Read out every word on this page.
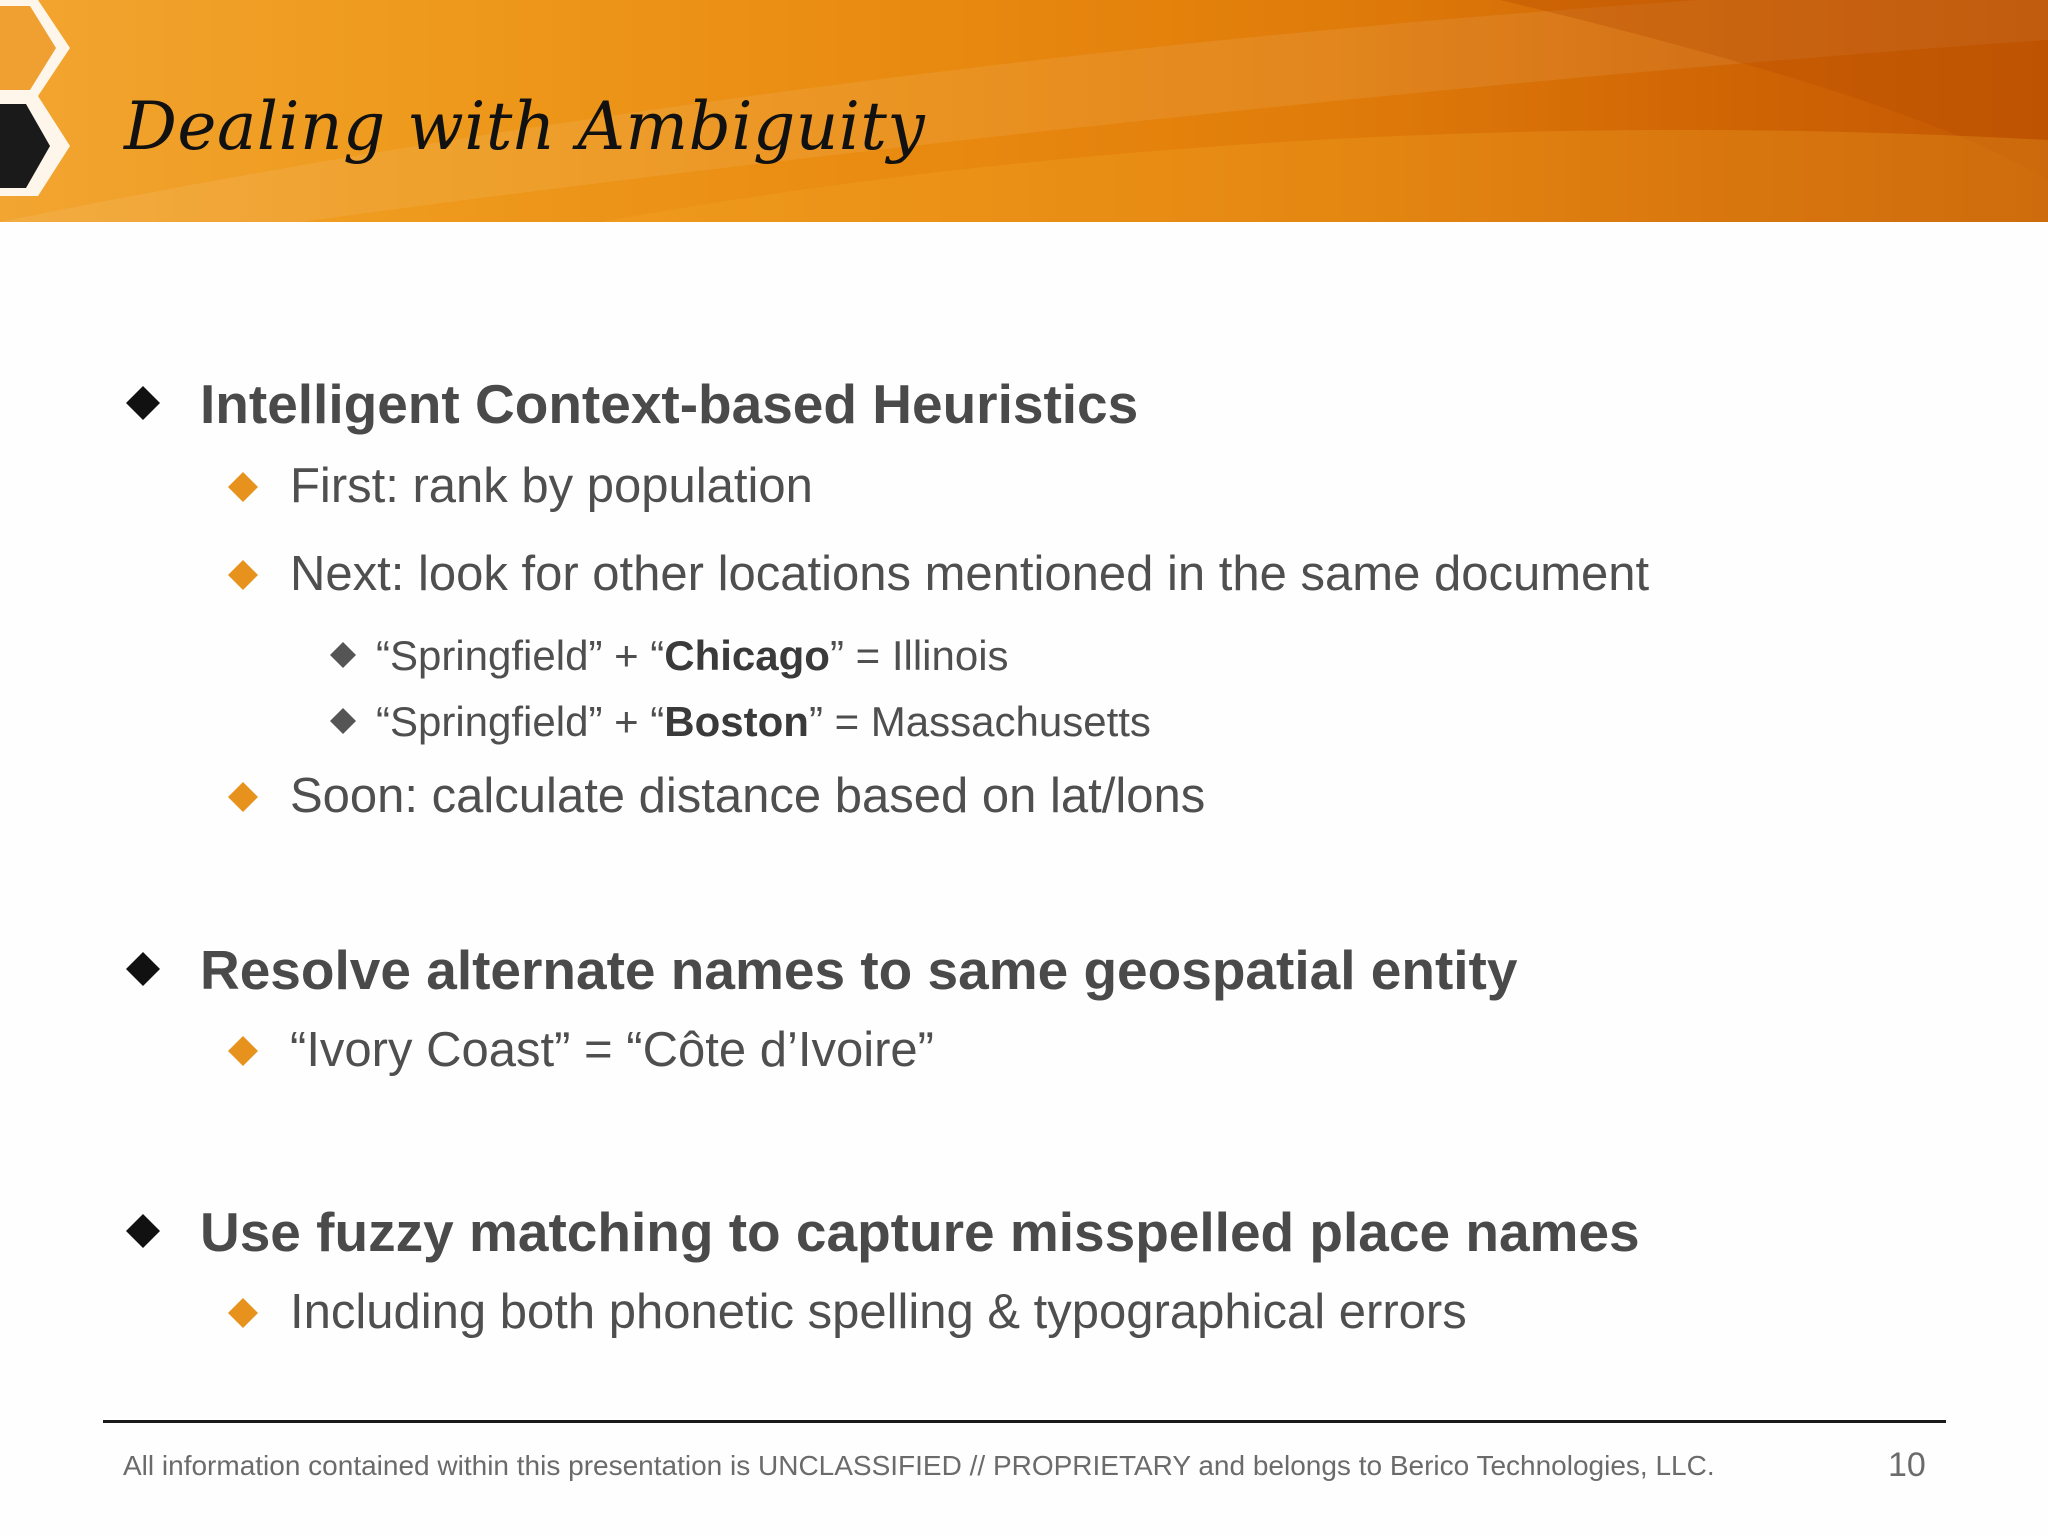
Dealing with Ambiguity
Intelligent Context-based Heuristics
First: rank by population
Next: look for other locations mentioned in the same document
“Springfield” + “Chicago” = Illinois
“Springfield” + “Boston” = Massachusetts
Soon: calculate distance based on lat/lons
Resolve alternate names to same geospatial entity
“Ivory Coast” = “Côte d’Ivoire”
Use fuzzy matching to capture misspelled place names
Including both phonetic spelling & typographical errors
All information contained within this presentation is UNCLASSIFIED // PROPRIETARY and belongs to Berico Technologies, LLC.	10
